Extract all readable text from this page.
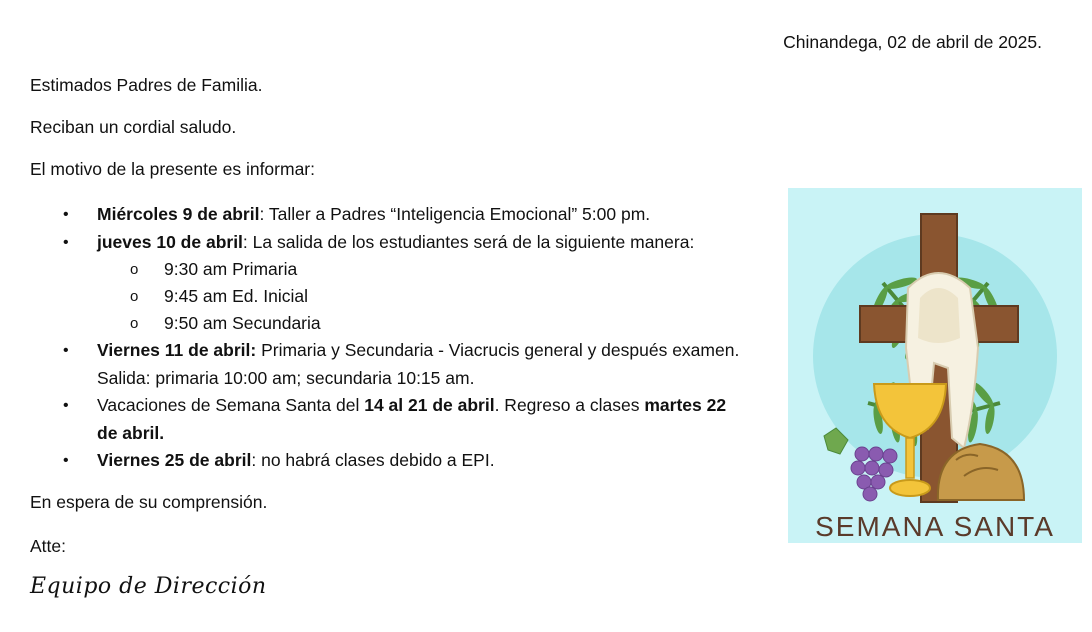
Chinandega, 02 de abril de 2025.
Estimados Padres de Familia.
Reciban un cordial saludo.
El motivo de la presente es informar:
• Miércoles 9 de abril: Taller a Padres “Inteligencia Emocional” 5:00 pm.
• jueves 10 de abril: La salida de los estudiantes será de la siguiente manera:
o 9:30 am Primaria
o 9:45 am Ed. Inicial
o 9:50 am Secundaria
• Viernes 11 de abril: Primaria y Secundaria - Viacrucis general y después examen.
Salida: primaria 10:00 am; secundaria 10:15 am.
• Vacaciones de Semana Santa del 14 al 21 de abril. Regreso a clases martes 22
de abril.
• Viernes 25 de abril: no habrá clases debido a EPI.
En espera de su comprensión.
Atte:
Equipo de Dirección
SEMANA SANTA
